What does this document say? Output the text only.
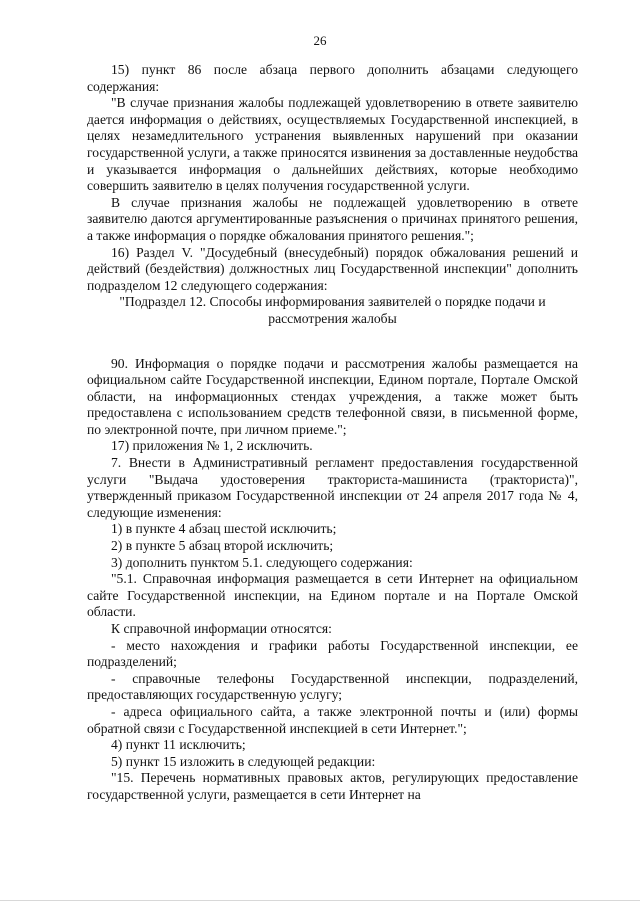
26

15) пункт 86 после абзаца первого дополнить абзацами следующего содержания:

"В случае признания жалобы подлежащей удовлетворению в ответе заявителю дается информация о действиях, осуществляемых Государственной инспекцией, в целях незамедлительного устранения выявленных нарушений при оказании государственной услуги, а также приносятся извинения за доставленные неудобства и указывается информация о дальнейших действиях, которые необходимо совершить заявителю в целях получения государственной услуги.

В случае признания жалобы не подлежащей удовлетворению в ответе заявителю даются аргументированные разъяснения о причинах принятого решения, а также информация о порядке обжалования принятого решения.";

16) Раздел V. "Досудебный (внесудебный) порядок обжалования решений и действий (бездействия) должностных лиц Государственной инспекции" дополнить подразделом 12 следующего содержания:

"Подраздел 12. Способы информирования заявителей о порядке подачи и рассмотрения жалобы

90. Информация о порядке подачи и рассмотрения жалобы размещается на официальном сайте Государственной инспекции, Едином портале, Портале Омской области, на информационных стендах учреждения, а также может быть предоставлена с использованием средств телефонной связи, в письменной форме, по электронной почте, при личном приеме.";

17) приложения № 1, 2 исключить.

7. Внести в Административный регламент предоставления государственной услуги "Выдача удостоверения тракториста-машиниста (тракториста)", утвержденный приказом Государственной инспекции от 24 апреля 2017 года № 4, следующие изменения:

1) в пункте 4 абзац шестой исключить;

2) в пункте 5 абзац второй исключить;

3) дополнить пунктом 5.1. следующего содержания:

"5.1. Справочная информация размещается в сети Интернет на официальном сайте Государственной инспекции, на Едином портале и на Портале Омской области.

К справочной информации относятся:

- место нахождения и графики работы Государственной инспекции, ее подразделений;

- справочные телефоны Государственной инспекции, подразделений, предоставляющих государственную услугу;

- адреса официального сайта, а также электронной почты и (или) формы обратной связи с Государственной инспекцией в сети Интернет.";

4) пункт 11 исключить;

5) пункт 15 изложить в следующей редакции:

"15. Перечень нормативных правовых актов, регулирующих предоставление государственной услуги, размещается в сети Интернет на
